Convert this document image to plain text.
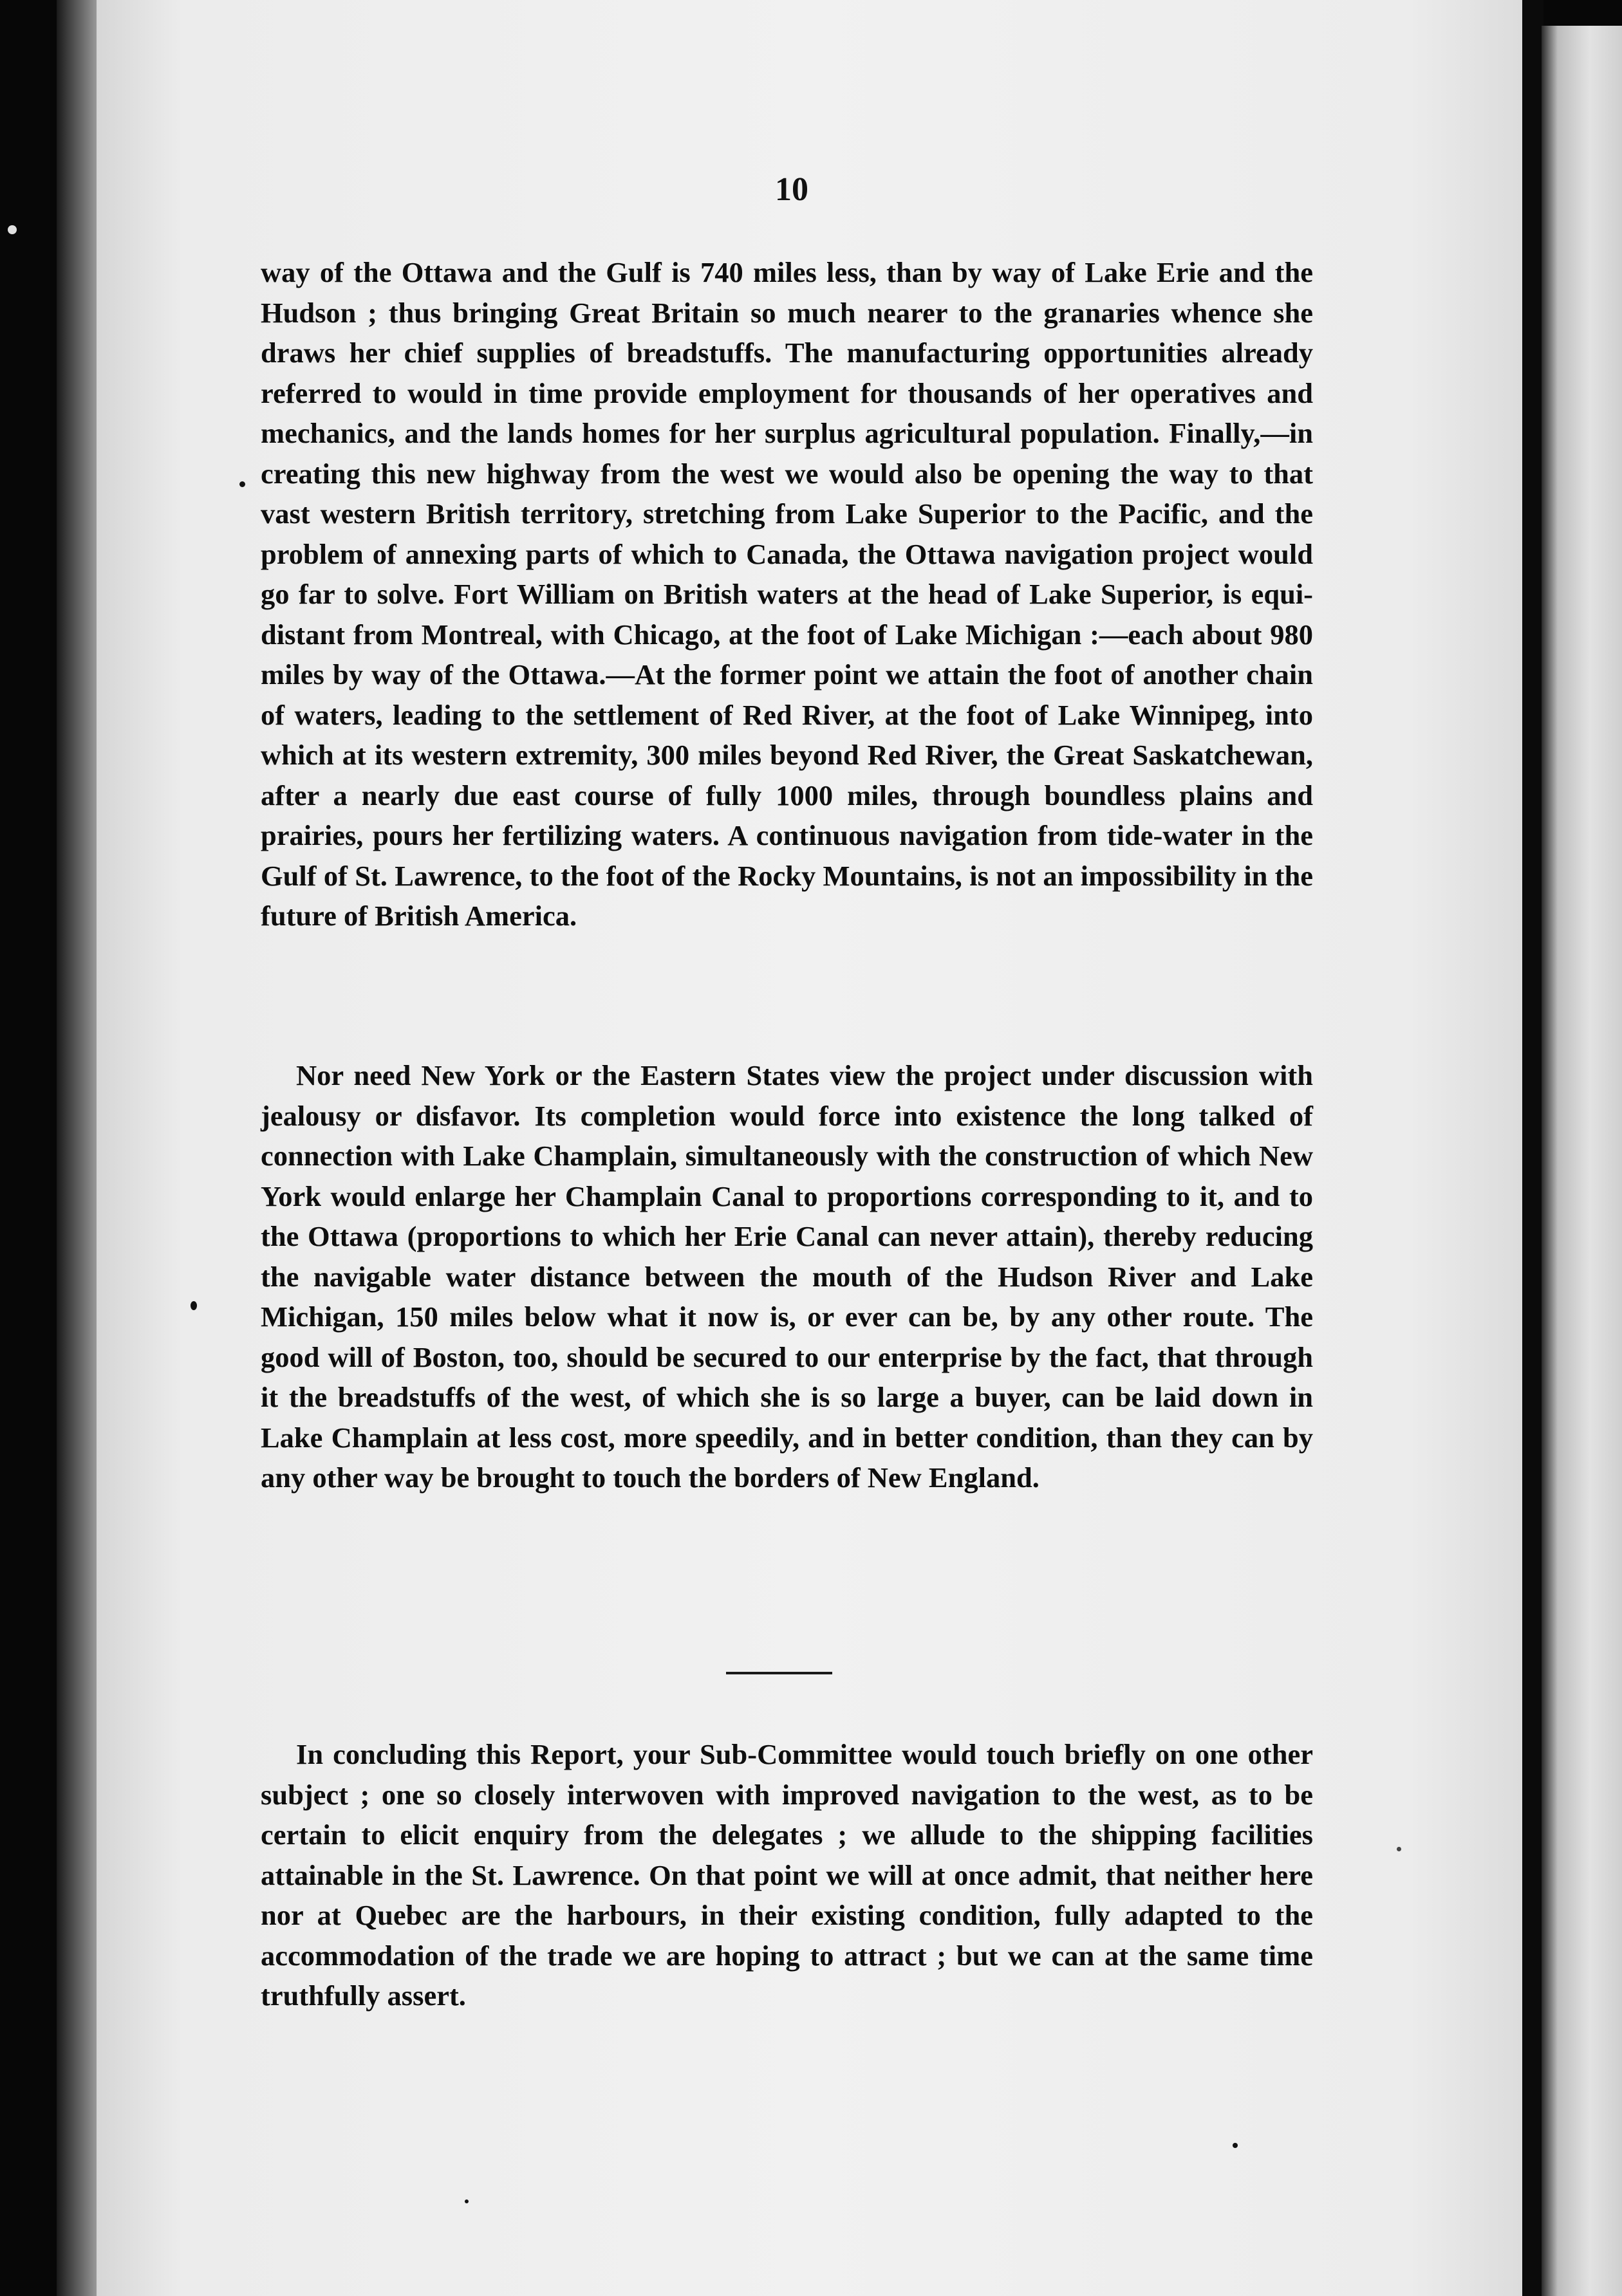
10

way of the Ottawa and the Gulf is 740 miles less, than by way of Lake Erie and the Hudson ; thus bringing Great Britain so much nearer to the granaries whence she draws her chief supplies of breadstuffs. The manufacturing opportunities already referred to would in time provide employment for thousands of her operatives and mechanics, and the lands homes for her surplus agricultural population. Finally,—in creating this new highway from the west we would also be opening the way to that vast western British territory, stretching from Lake Superior to the Pacific, and the problem of annexing parts of which to Canada, the Ottawa navigation project would go far to solve. Fort William on British waters at the head of Lake Superior, is equi-distant from Montreal, with Chicago, at the foot of Lake Michigan :—each about 980 miles by way of the Ottawa.—At the former point we attain the foot of another chain of waters, leading to the settlement of Red River, at the foot of Lake Winnipeg, into which at its western extremity, 300 miles beyond Red River, the Great Saskatchewan, after a nearly due east course of fully 1000 miles, through boundless plains and prairies, pours her fertilizing waters. A continuous navigation from tide-water in the Gulf of St. Lawrence, to the foot of the Rocky Mountains, is not an impossibility in the future of British America.

Nor need New York or the Eastern States view the project under discussion with jealousy or disfavor. Its completion would force into existence the long talked of connection with Lake Champlain, simultaneously with the construction of which New York would enlarge her Champlain Canal to proportions corresponding to it, and to the Ottawa (proportions to which her Erie Canal can never attain), thereby reducing the navigable water distance between the mouth of the Hudson River and Lake Michigan, 150 miles below what it now is, or ever can be, by any other route. The good will of Boston, too, should be secured to our enterprise by the fact, that through it the breadstuffs of the west, of which she is so large a buyer, can be laid down in Lake Champlain at less cost, more speedily, and in better condition, than they can by any other way be brought to touch the borders of New England.

In concluding this Report, your Sub-Committee would touch briefly on one other subject ; one so closely interwoven with improved navigation to the west, as to be certain to elicit enquiry from the delegates ; we allude to the shipping facilities attainable in the St. Lawrence. On that point we will at once admit, that neither here nor at Quebec are the harbours, in their existing condition, fully adapted to the accommodation of the trade we are hoping to attract ; but we can at the same time truthfully assert.
